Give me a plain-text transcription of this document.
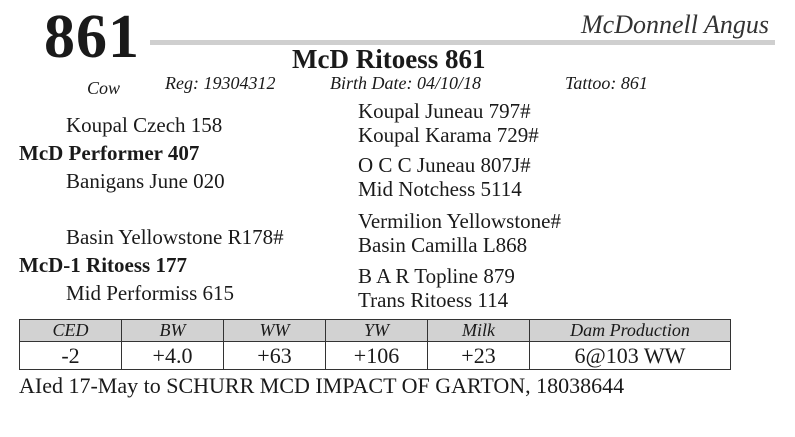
861	McDonnell Angus
McD Ritoess 861
Cow Reg: 19304312	Birth Date: 04/10/18	Tattoo: 861
Koupal Czech 158
McD Performer 407
Banigans June 020
Basin Yellowstone R178#
McD-1 Ritoess 177
Mid Performiss 615
Koupal Juneau 797#
Koupal Karama 729#
O C C Juneau 807J#
Mid Notchess 5114
Vermilion Yellowstone#
Basin Camilla L868
B A R Topline 879
Trans Ritoess 114
CED	BW	WW	YW	Milk	Dam Production
-2	+4.0	+63	+106	+23	6@103 WW
AIed 17-May to SCHURR MCD IMPACT OF GARTON, 18038644
